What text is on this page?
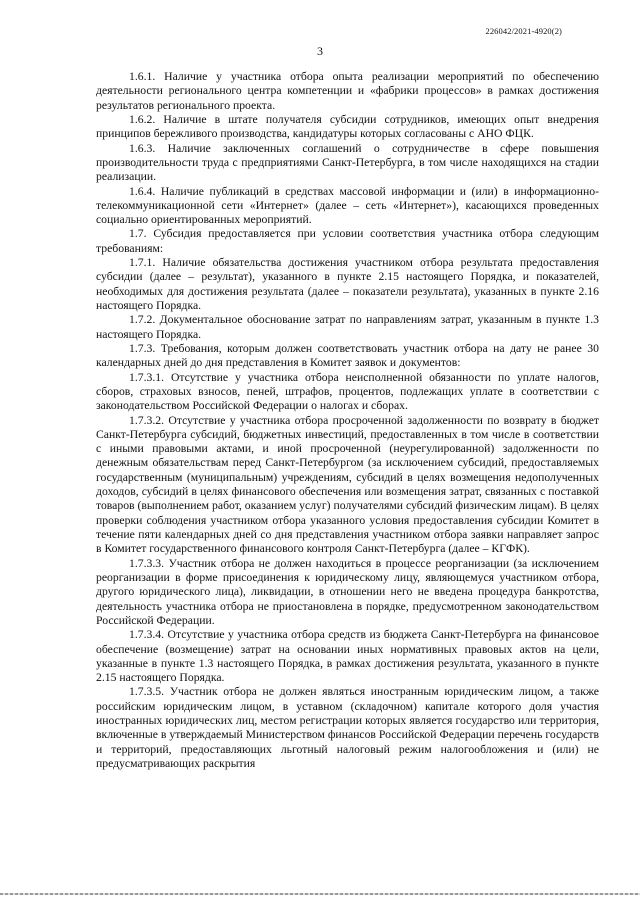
226042/2021-4920(2)
3

1.6.1. Наличие у участника отбора опыта реализации мероприятий по обеспечению деятельности регионального центра компетенции и «фабрики процессов» в рамках достижения результатов регионального проекта.

1.6.2. Наличие в штате получателя субсидии сотрудников, имеющих опыт внедрения принципов бережливого производства, кандидатуры которых согласованы с АНО ФЦК.

1.6.3. Наличие заключенных соглашений о сотрудничестве в сфере повышения производительности труда с предприятиями Санкт-Петербурга, в том числе находящихся на стадии реализации.

1.6.4. Наличие публикаций в средствах массовой информации и (или) в информационно-телекоммуникационной сети «Интернет» (далее – сеть «Интернет»), касающихся проведенных социально ориентированных мероприятий.

1.7. Субсидия предоставляется при условии соответствия участника отбора следующим требованиям:

1.7.1. Наличие обязательства достижения участником отбора результата предоставления субсидии (далее – результат), указанного в пункте 2.15 настоящего Порядка, и показателей, необходимых для достижения результата (далее – показатели результата), указанных в пункте 2.16 настоящего Порядка.

1.7.2. Документальное обоснование затрат по направлениям затрат, указанным в пункте 1.3 настоящего Порядка.

1.7.3. Требования, которым должен соответствовать участник отбора на дату не ранее 30 календарных дней до дня представления в Комитет заявок и документов:

1.7.3.1. Отсутствие у участника отбора неисполненной обязанности по уплате налогов, сборов, страховых взносов, пеней, штрафов, процентов, подлежащих уплате в соответствии с законодательством Российской Федерации о налогах и сборах.

1.7.3.2. Отсутствие у участника отбора просроченной задолженности по возврату в бюджет Санкт-Петербурга субсидий, бюджетных инвестиций, предоставленных в том числе в соответствии с иными правовыми актами, и иной просроченной (неурегулированной) задолженности по денежным обязательствам перед Санкт-Петербургом (за исключением субсидий, предоставляемых государственным (муниципальным) учреждениям, субсидий в целях возмещения недополученных доходов, субсидий в целях финансового обеспечения или возмещения затрат, связанных с поставкой товаров (выполнением работ, оказанием услуг) получателями субсидий физическим лицам). В целях проверки соблюдения участником отбора указанного условия предоставления субсидии Комитет в течение пяти календарных дней со дня представления участником отбора заявки направляет запрос в Комитет государственного финансового контроля Санкт-Петербурга (далее – КГФК).

1.7.3.3. Участник отбора не должен находиться в процессе реорганизации (за исключением реорганизации в форме присоединения к юридическому лицу, являющемуся участником отбора, другого юридического лица), ликвидации, в отношении него не введена процедура банкротства, деятельность участника отбора не приостановлена в порядке, предусмотренном законодательством Российской Федерации.

1.7.3.4. Отсутствие у участника отбора средств из бюджета Санкт-Петербурга на финансовое обеспечение (возмещение) затрат на основании иных нормативных правовых актов на цели, указанные в пункте 1.3 настоящего Порядка, в рамках достижения результата, указанного в пункте 2.15 настоящего Порядка.

1.7.3.5. Участник отбора не должен являться иностранным юридическим лицом, а также российским юридическим лицом, в уставном (складочном) капитале которого доля участия иностранных юридических лиц, местом регистрации которых является государство или территория, включенные в утверждаемый Министерством финансов Российской Федерации перечень государств и территорий, предоставляющих льготный налоговый режим налогообложения и (или) не предусматривающих раскрытия
